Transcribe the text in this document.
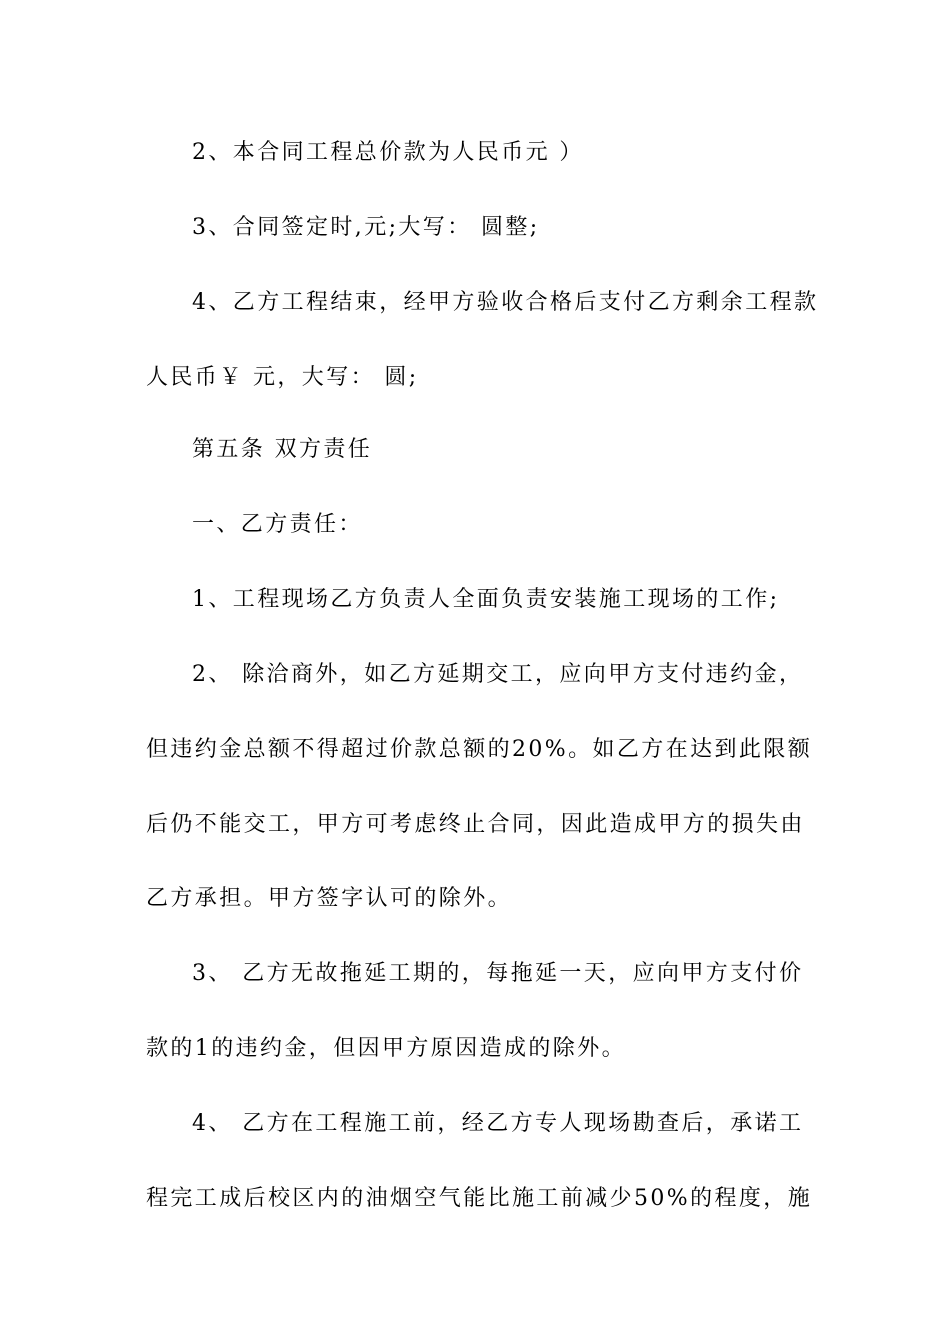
2、本合同工程总价款为人民币元 ）
3、合同签定时,元;大写： 圆整;
4、乙方工程结束，经甲方验收合格后支付乙方剩余工程款
人民币￥ 元，大写： 圆;
第五条 双方责任
一、乙方责任：
1、工程现场乙方负责人全面负责安装施工现场的工作;
2、 除洽商外，如乙方延期交工，应向甲方支付违约金，
但违约金总额不得超过价款总额的20%。如乙方在达到此限额
后仍不能交工，甲方可考虑终止合同，因此造成甲方的损失由
乙方承担。甲方签字认可的除外。
3、 乙方无故拖延工期的，每拖延一天，应向甲方支付价
款的1的违约金，但因甲方原因造成的除外。
4、 乙方在工程施工前，经乙方专人现场勘查后，承诺工
程完工成后校区内的油烟空气能比施工前减少50%的程度，施
